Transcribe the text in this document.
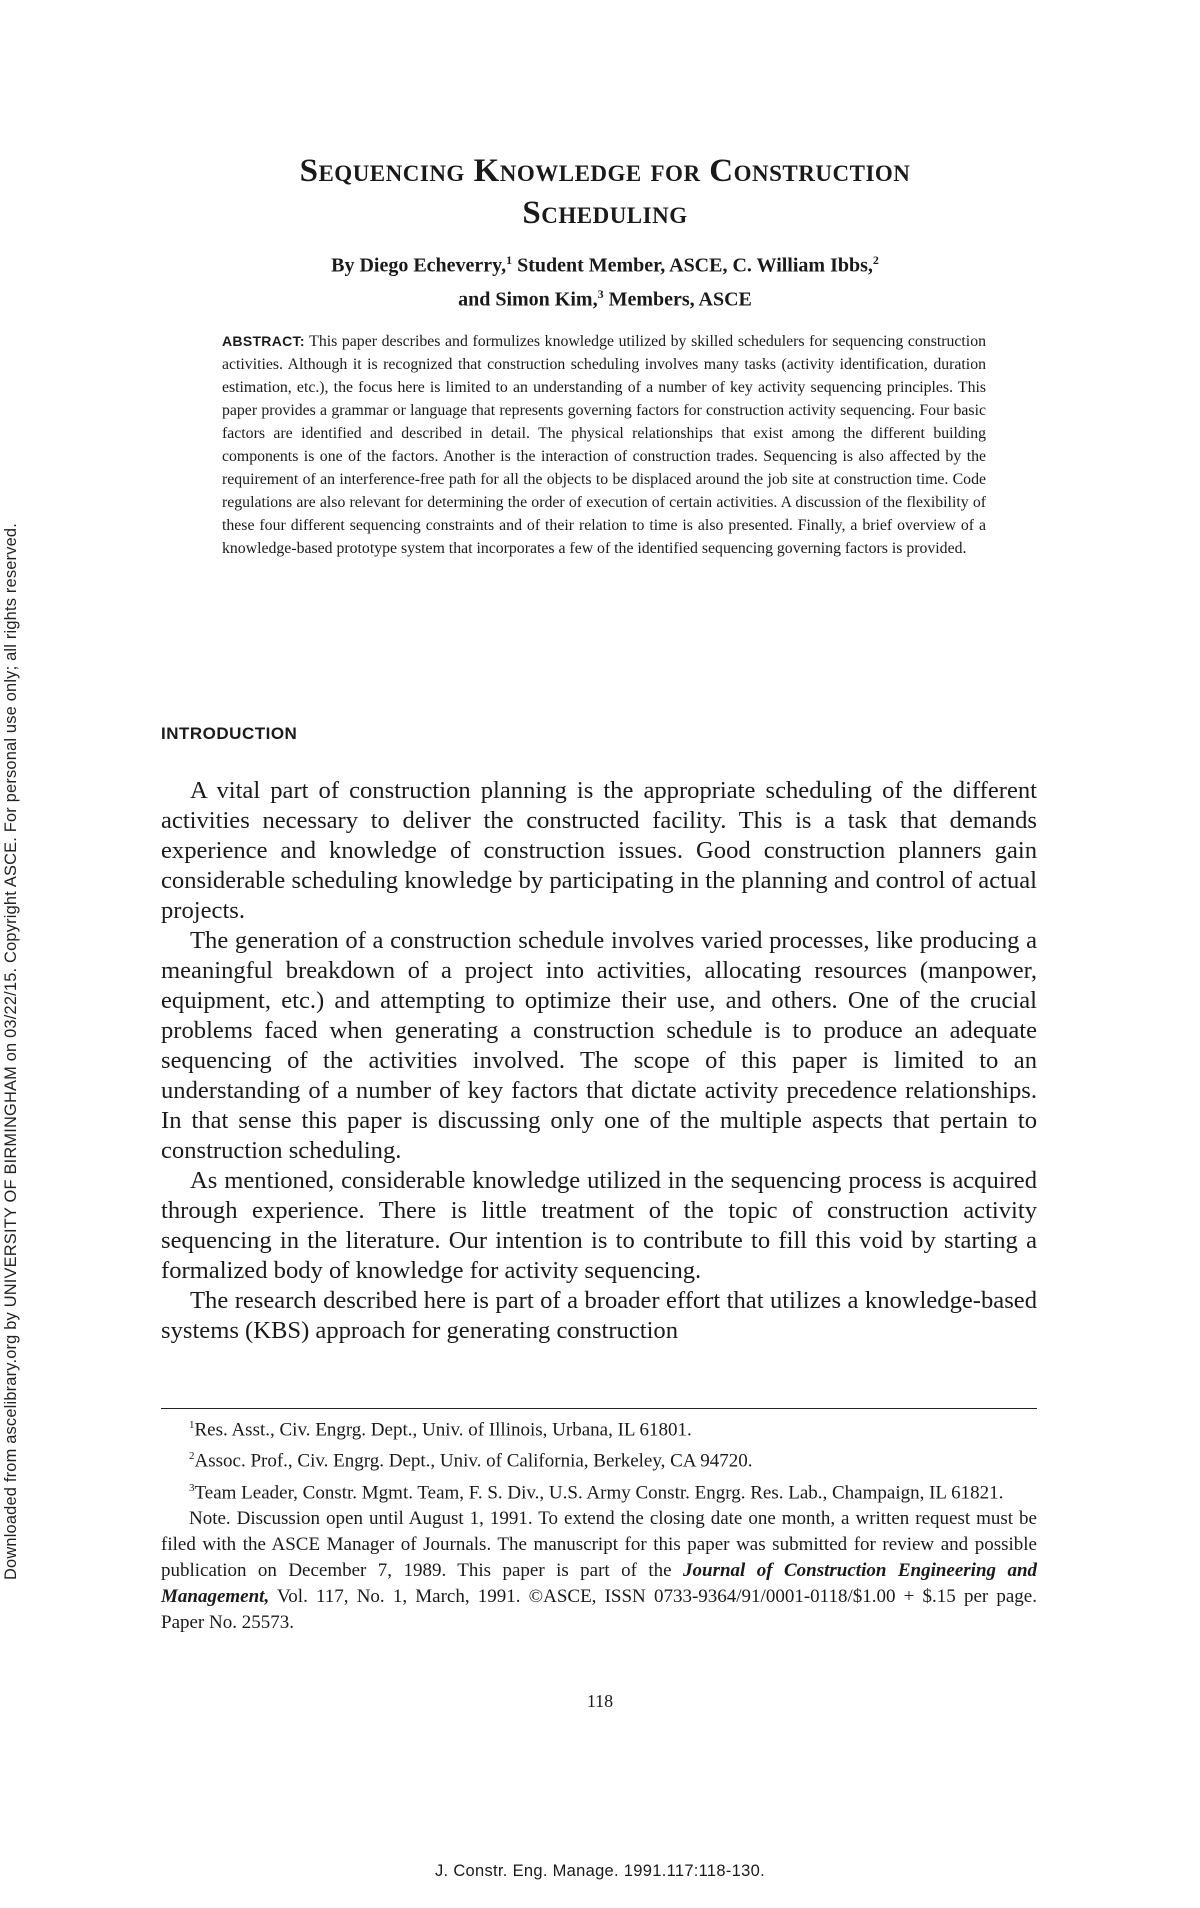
Downloaded from ascelibrary.org by UNIVERSITY OF BIRMINGHAM on 03/22/15. Copyright ASCE. For personal use only; all rights reserved.
Sequencing Knowledge for Construction
Scheduling
By Diego Echeverry,$^1$ Student Member, ASCE, C. William Ibbs,$^2$
and Simon Kim,$^3$ Members, ASCE
ABSTRACT: This paper describes and formulizes knowledge utilized by skilled schedulers for sequencing construction activities. Although it is recognized that construction scheduling involves many tasks (activity identification, duration estimation, etc.), the focus here is limited to an understanding of a number of key activity sequencing principles. This paper provides a grammar or language that represents governing factors for construction activity sequencing. Four basic factors are identified and described in detail. The physical relationships that exist among the different building components is one of the factors. Another is the interaction of construction trades. Sequencing is also affected by the requirement of an interference-free path for all the objects to be displaced around the job site at construction time. Code regulations are also relevant for determining the order of execution of certain activities. A discussion of the flexibility of these four different sequencing constraints and of their relation to time is also presented. Finally, a brief overview of a knowledge-based prototype system that incorporates a few of the identified sequencing governing factors is provided.
INTRODUCTION

A vital part of construction planning is the appropriate scheduling of the different activities necessary to deliver the constructed facility. This is a task that demands experience and knowledge of construction issues. Good construction planners gain considerable scheduling knowledge by participating in the planning and control of actual projects.

The generation of a construction schedule involves varied processes, like producing a meaningful breakdown of a project into activities, allocating resources (manpower, equipment, etc.) and attempting to optimize their use, and others. One of the crucial problems faced when generating a construction schedule is to produce an adequate sequencing of the activities involved. The scope of this paper is limited to an understanding of a number of key factors that dictate activity precedence relationships. In that sense this paper is discussing only one of the multiple aspects that pertain to construction scheduling.

As mentioned, considerable knowledge utilized in the sequencing process is acquired through experience. There is little treatment of the topic of construction activity sequencing in the literature. Our intention is to contribute to fill this void by starting a formalized body of knowledge for activity sequencing.

The research described here is part of a broader effort that utilizes a knowledge-based systems (KBS) approach for generating construction

$^1$Res. Asst., Civ. Engrg. Dept., Univ. of Illinois, Urbana, IL 61801.

$^2$Assoc. Prof., Civ. Engrg. Dept., Univ. of California, Berkeley, CA 94720.

$^3$Team Leader, Constr. Mgmt. Team, F. S. Div., U.S. Army Constr. Engrg. Res. Lab., Champaign, IL 61821.

Note. Discussion open until August 1, 1991. To extend the closing date one month, a written request must be filed with the ASCE Manager of Journals. The manuscript for this paper was submitted for review and possible publication on December 7, 1989. This paper is part of the Journal of Construction Engineering and Management, Vol. 117, No. 1, March, 1991. ©ASCE, ISSN 0733-9364/91/0001-0118/$1.00 + $.15 per page. Paper No. 25573.

118
J. Constr. Eng. Manage. 1991.117:118-130.
